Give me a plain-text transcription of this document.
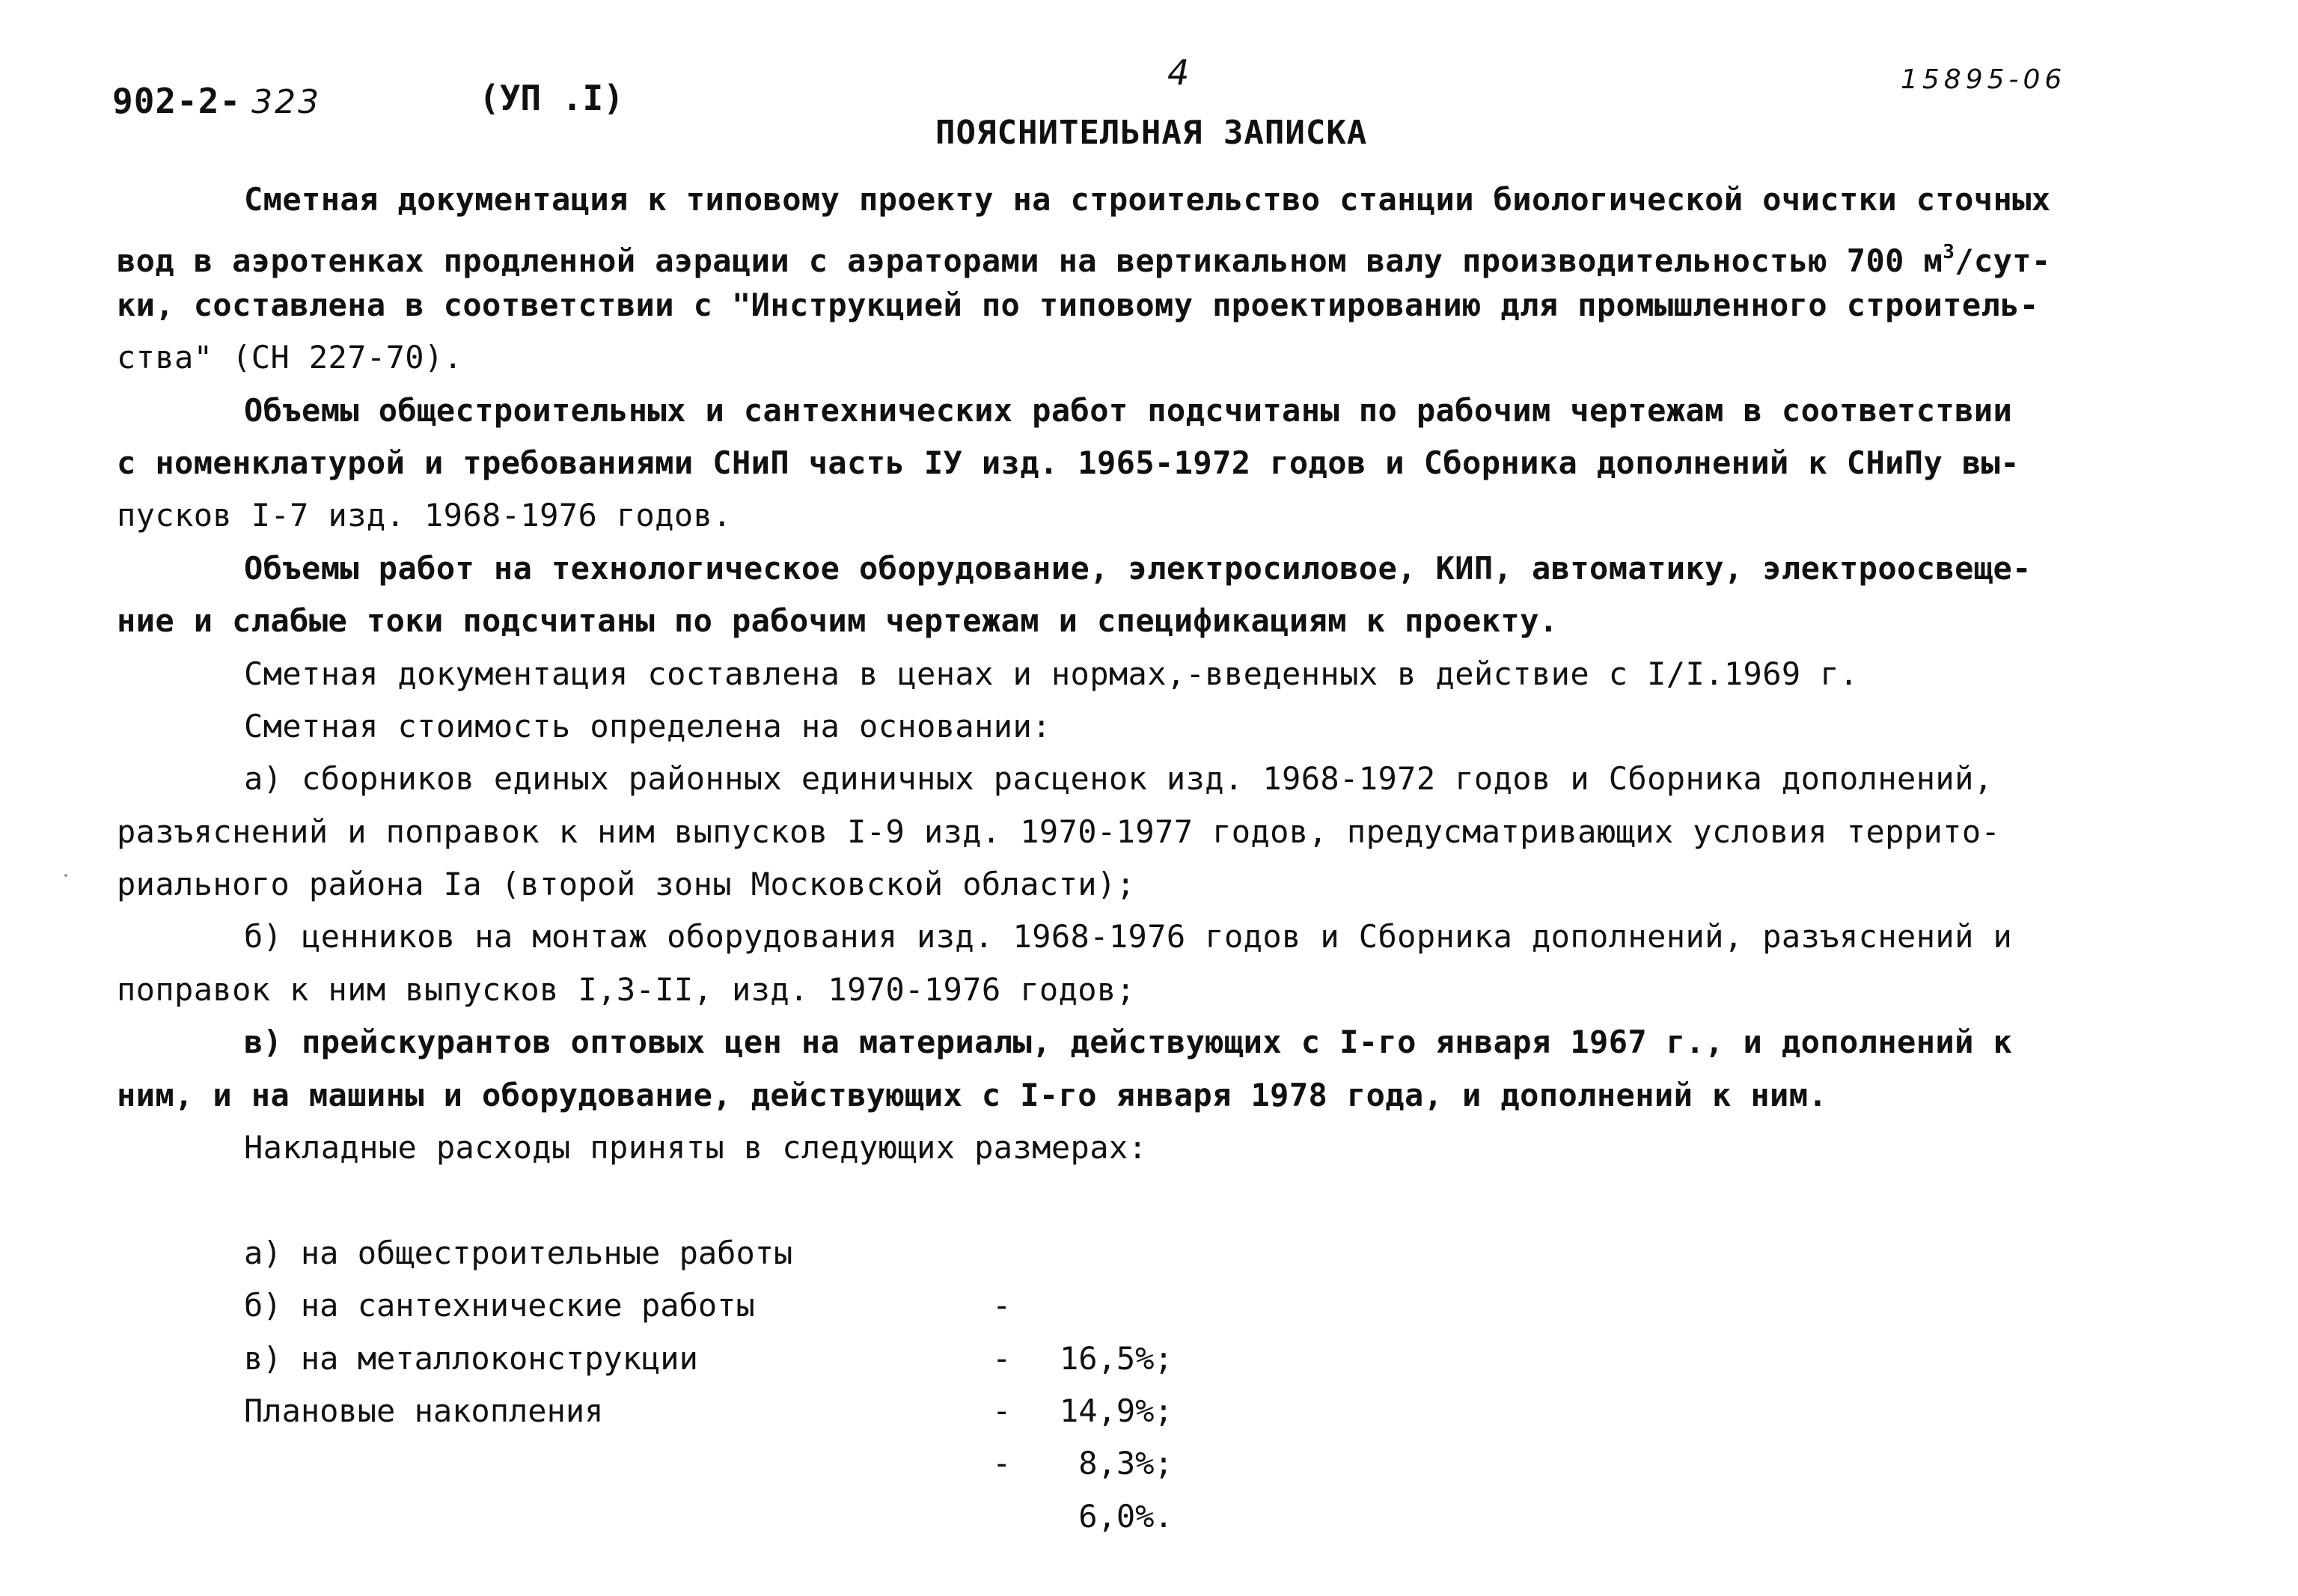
902-2- 323	(УП .I)
4	15895-06
ПОЯСНИТЕЛЬНАЯ ЗАПИСКА
Сметная документация к типовому проекту на строительство станции биологической очистки сточных
вод в аэротенках продленной аэрации с аэраторами на вертикальном валу производительностью 700 $м^3/сут-$
ки, составлена в соответствии с "Инструкцией по типовому проектированию для промышленного строитель-
ства" (СН 227-70).
Объемы общестроительных и сантехнических работ подсчитаны по рабочим чертежам в соответствии
с номенклатурой и требованиями СНиП часть IУ изд. 1965-1972 годов и Сборника дополнений к СНиПу вы-
пусков I-7 изд. 1968-1976 годов.
Объемы работ на технологическое оборудование, электросиловое, КИП, автоматику, электроосвеще-
ние и слабые токи подсчитаны по рабочим чертежам и спецификациям к проекту.
Сметная документация составлена в ценах и нормах,-введенных в действие с I/I.1969 г.
Сметная стоимость определена на основании:
а) сборников единых районных единичных расценок изд. 1968-1972 годов и Сборника дополнений,
разъяснений и поправок к ним выпусков I-9 изд. 1970-1977 годов, предусматривающих условия террито-
риального района Iа (второй зоны Московской области);
б) ценников на монтаж оборудования изд. 1968-1976 годов и Сборника дополнений, разъяснений и
поправок к ним выпусков I,3-II, изд. 1970-1976 годов;
в) прейскурантов оптовых цен на материалы, действующих с I-го января 1967 г., и дополнений к
ним, и на машины и оборудование, действующих с I-го января 1978 года, и дополнений к ним.
Накладные расходы приняты в следующих размерах:

а) на общестроительные работы

-

16,5%;

б) на сантехнические работы

-

14,9%;

в) на металлоконструкции

-

8,3%;

Плановые накопления

-

6,0%.
